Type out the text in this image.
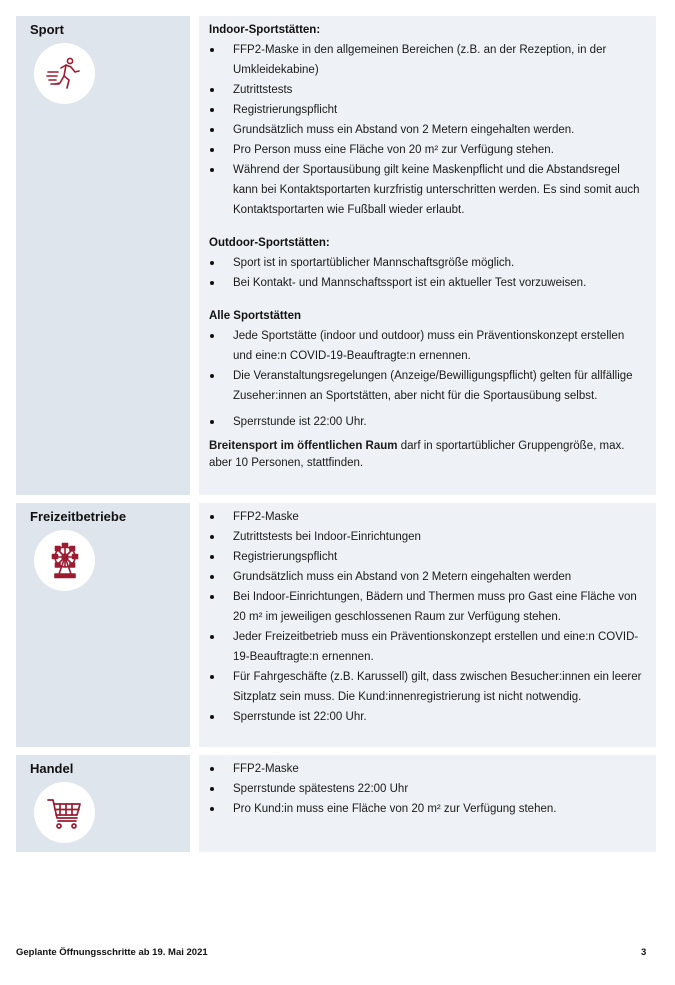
Sport	Indoor-Sportstätten:
FFP2-Maske in den allgemeinen Bereichen (z.B. an der Rezeption, in der Umkleidekabine)
Zutrittstests
Registrierungspflicht
Grundsätzlich muss ein Abstand von 2 Metern eingehalten werden.
Pro Person muss eine Fläche von 20 m² zur Verfügung stehen.
Während der Sportausübung gilt keine Maskenpflicht und die Abstandsregel kann bei Kontaktsportarten kurzfristig unterschritten werden. Es sind somit auch Kontaktsportarten wie Fußball wieder erlaubt.
Outdoor-Sportstätten:
Sport ist in sportartüblicher Mannschaftsgröße möglich.
Bei Kontakt- und Mannschaftssport ist ein aktueller Test vorzuweisen.
Alle Sportstätten
Jede Sportstätte (indoor und outdoor) muss ein Präventionskonzept erstellen und eine:n COVID-19-Beauftragte:n ernennen.
Die Veranstaltungsregelungen (Anzeige/Bewilligungspflicht) gelten für allfällige Zuseher:innen an Sportstätten, aber nicht für die Sportausübung selbst.
Sperrstunde ist 22:00 Uhr.
Breitensport im öffentlichen Raum darf in sportartüblicher Gruppengröße, max. aber 10 Personen, stattfinden.
Freizeitbetriebe	FFP2-Maske
Zutrittstests bei Indoor-Einrichtungen
Registrierungspflicht
Grundsätzlich muss ein Abstand von 2 Metern eingehalten werden
Bei Indoor-Einrichtungen, Bädern und Thermen muss pro Gast eine Fläche von 20 m² im jeweiligen geschlossenen Raum zur Verfügung stehen.
Jeder Freizeitbetrieb muss ein Präventionskonzept erstellen und eine:n COVID-19-Beauftragte:n ernennen.
Für Fahrgeschäfte (z.B. Karussell) gilt, dass zwischen Besucher:innen ein leerer Sitzplatz sein muss. Die Kund:innenregistrierung ist nicht notwendig.
Sperrstunde ist 22:00 Uhr.
Handel	FFP2-Maske
Sperrstunde spätestens 22:00 Uhr
Pro Kund:in muss eine Fläche von 20 m² zur Verfügung stehen.
Geplante Öffnungsschritte ab 19. Mai 2021	3
